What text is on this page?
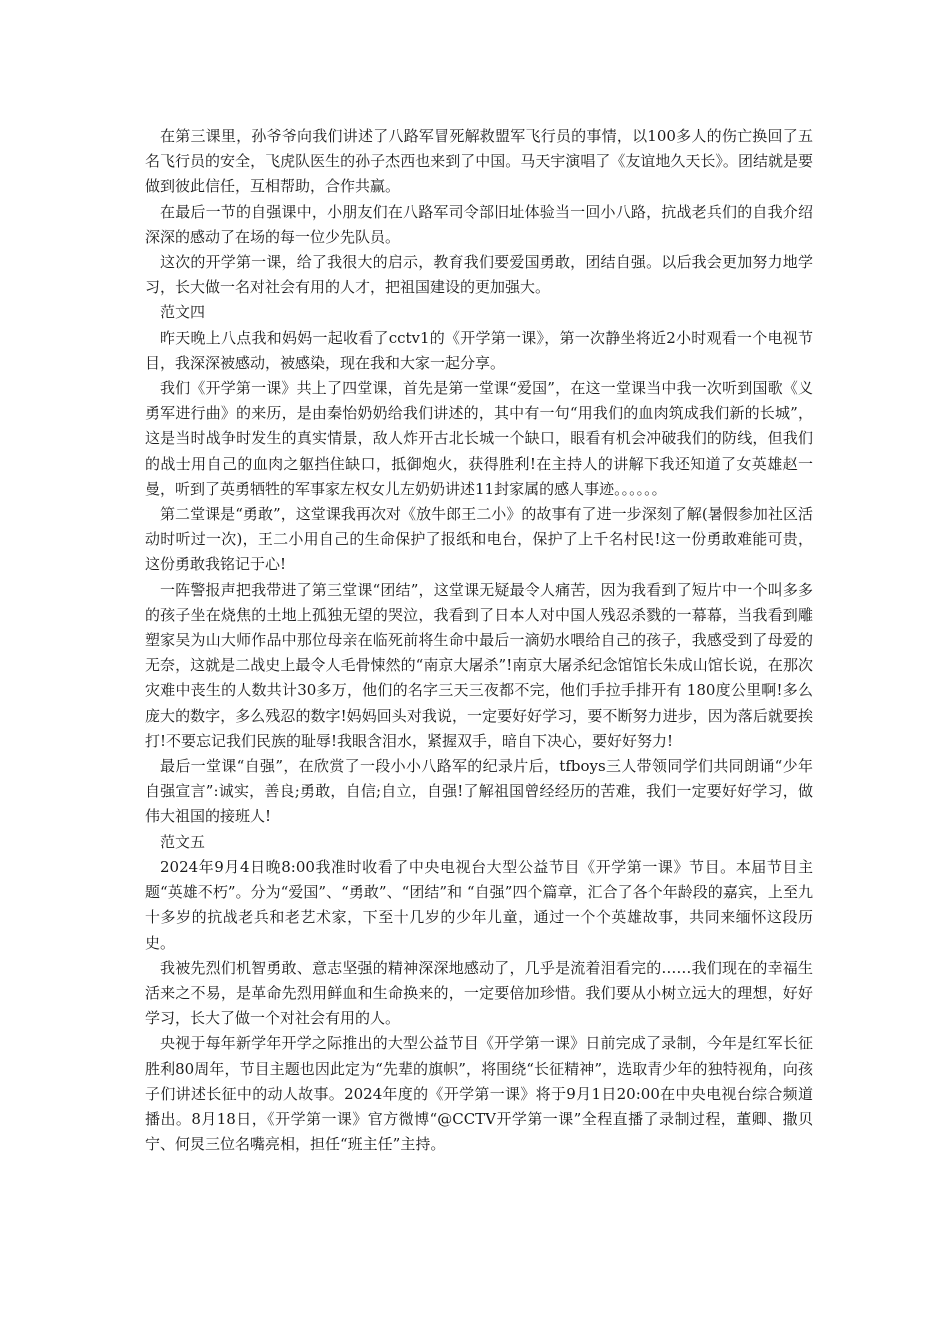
在第三课里，孙爷爷向我们讲述了八路军冒死解救盟军飞行员的事情，以100多人的伤亡换回了五名飞行员的安全，飞虎队医生的孙子杰西也来到了中国。马天宇演唱了《友谊地久天长》。团结就是要做到彼此信任，互相帮助，合作共赢。

在最后一节的自强课中，小朋友们在八路军司令部旧址体验当一回小八路，抗战老兵们的自我介绍深深的感动了在场的每一位少先队员。

这次的开学第一课，给了我很大的启示，教育我们要爱国勇敢，团结自强。以后我会更加努力地学习，长大做一名对社会有用的人才，把祖国建设的更加强大。

范文四

昨天晚上八点我和妈妈一起收看了cctv1的《开学第一课》，第一次静坐将近2小时观看一个电视节目，我深深被感动，被感染，现在我和大家一起分享。

我们《开学第一课》共上了四堂课，首先是第一堂课“爱国”，在这一堂课当中我一次听到国歌《义勇军进行曲》的来历，是由秦怡奶奶给我们讲述的，其中有一句“用我们的血肉筑成我们新的长城”，这是当时战争时发生的真实情景，敌人炸开古北长城一个缺口，眼看有机会冲破我们的防线，但我们的战士用自己的血肉之躯挡住缺口，抵御炮火，获得胜利!在主持人的讲解下我还知道了女英雄赵一曼，听到了英勇牺牲的军事家左权女儿左奶奶讲述11封家属的感人事迹。。。。。。

第二堂课是“勇敢”，这堂课我再次对《放牛郎王二小》的故事有了进一步深刻了解(暑假参加社区活动时听过一次)，王二小用自己的生命保护了报纸和电台，保护了上千名村民!这一份勇敢难能可贵，这份勇敢我铭记于心!

一阵警报声把我带进了第三堂课“团结”，这堂课无疑最令人痛苦，因为我看到了短片中一个叫多多的孩子坐在烧焦的土地上孤独无望的哭泣，我看到了日本人对中国人残忍杀戮的一幕幕，当我看到雕塑家吴为山大师作品中那位母亲在临死前将生命中最后一滴奶水喂给自己的孩子，我感受到了母爱的无奈，这就是二战史上最令人毛骨悚然的“南京大屠杀”!南京大屠杀纪念馆馆长朱成山馆长说，在那次灾难中丧生的人数共计30多万，他们的名字三天三夜都不完，他们手拉手排开有 180度公里啊!多么庞大的数字，多么残忍的数字!妈妈回头对我说，一定要好好学习，要不断努力进步，因为落后就要挨打!不要忘记我们民族的耻辱!我眼含泪水，紧握双手，暗自下决心，要好好努力!

最后一堂课“自强”，在欣赏了一段小小八路军的纪录片后，tfboys三人带领同学们共同朗诵“少年自强宣言”:诚实，善良;勇敢，自信;自立，自强!了解祖国曾经经历的苦难，我们一定要好好学习，做伟大祖国的接班人!

范文五

2024年9月4日晚8:00我准时收看了中央电视台大型公益节目《开学第一课》节目。本届节目主题“英雄不朽”。分为“爱国”、“勇敢”、“团结”和 “自强”四个篇章，汇合了各个年龄段的嘉宾，上至九十多岁的抗战老兵和老艺术家，下至十几岁的少年儿童，通过一个个英雄故事，共同来缅怀这段历史。

我被先烈们机智勇敢、意志坚强的精神深深地感动了，几乎是流着泪看完的……我们现在的幸福生活来之不易，是革命先烈用鲜血和生命换来的，一定要倍加珍惜。我们要从小树立远大的理想，好好学习，长大了做一个对社会有用的人。

央视于每年新学年开学之际推出的大型公益节目《开学第一课》日前完成了录制，今年是红军长征胜利80周年，节目主题也因此定为“先辈的旗帜”，将围绕“长征精神”，选取青少年的独特视角，向孩子们讲述长征中的动人故事。2024年度的《开学第一课》将于9月1日20:00在中央电视台综合频道播出。8月18日，《开学第一课》官方微博“@CCTV开学第一课”全程直播了录制过程，董卿、撒贝宁、何炅三位名嘴亮相，担任“班主任”主持。
